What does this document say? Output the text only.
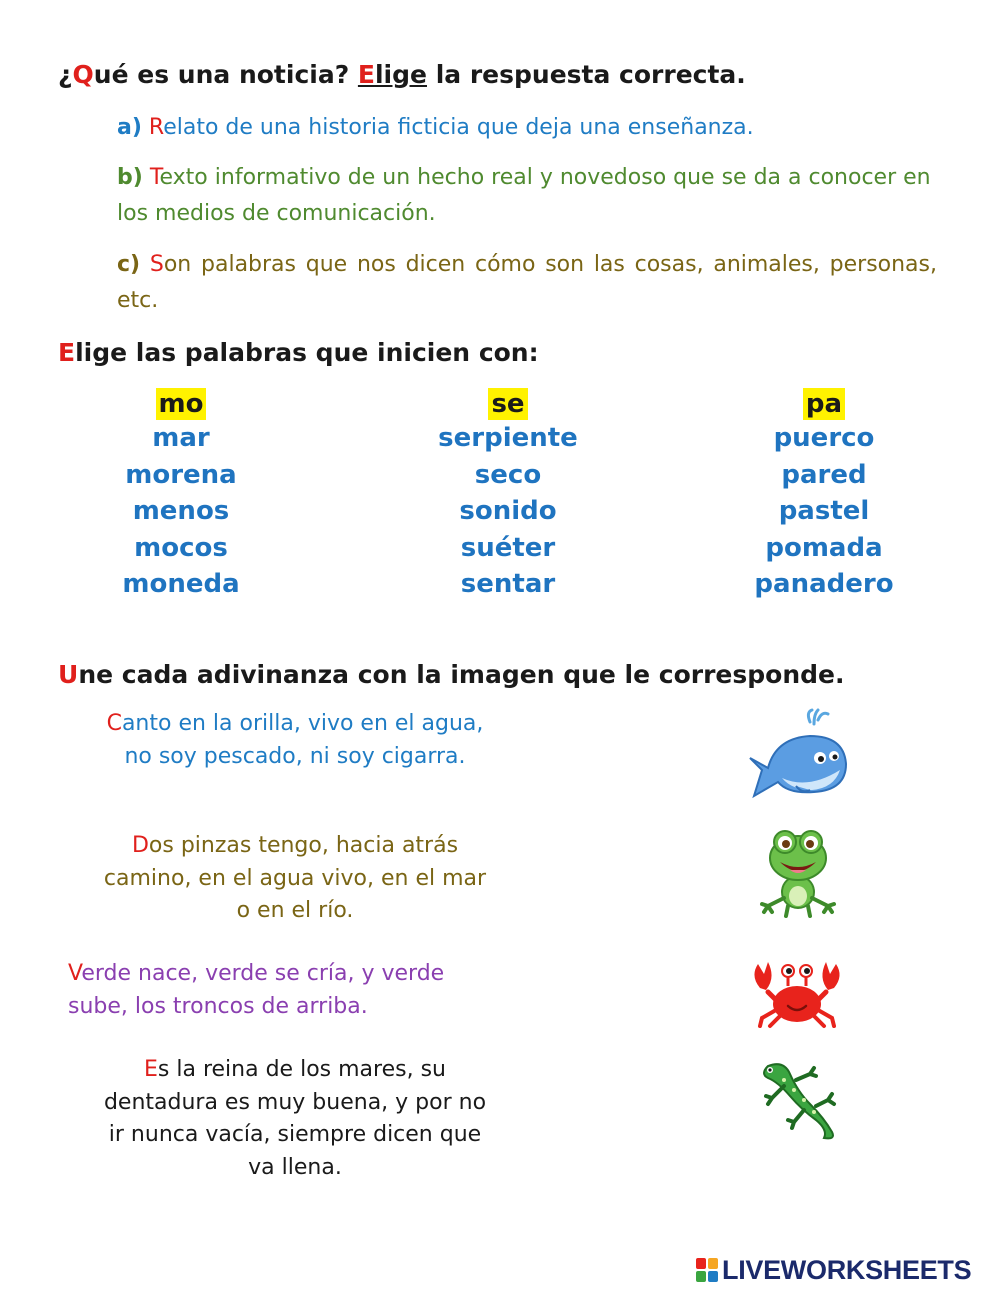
¿Qué es una noticia? Elige la respuesta correcta.
a) Relato de una historia ficticia que deja una enseñanza.
b) Texto informativo de un hecho real y novedoso que se da a conocer en los medios de comunicación.
c) Son palabras que nos dicen cómo son las cosas, animales, personas, etc.
Elige las palabras que inicien con:
mo
mar
morena
menos
mocos
moneda
se
serpiente
seco
sonido
suéter
sentar
pa
puerco
pared
pastel
pomada
panadero
Une cada adivinanza con la imagen que le corresponde.
Canto en la orilla, vivo en el agua,
no soy pescado, ni soy cigarra.
Dos pinzas tengo, hacia atrás
camino, en el agua vivo, en el mar
o en el río.
Verde nace, verde se cría, y verde
sube, los troncos de arriba.
Es la reina de los mares, su
dentadura es muy buena, y por no
ir nunca vacía, siempre dicen que
va llena.
LIVEWORKSHEETS
